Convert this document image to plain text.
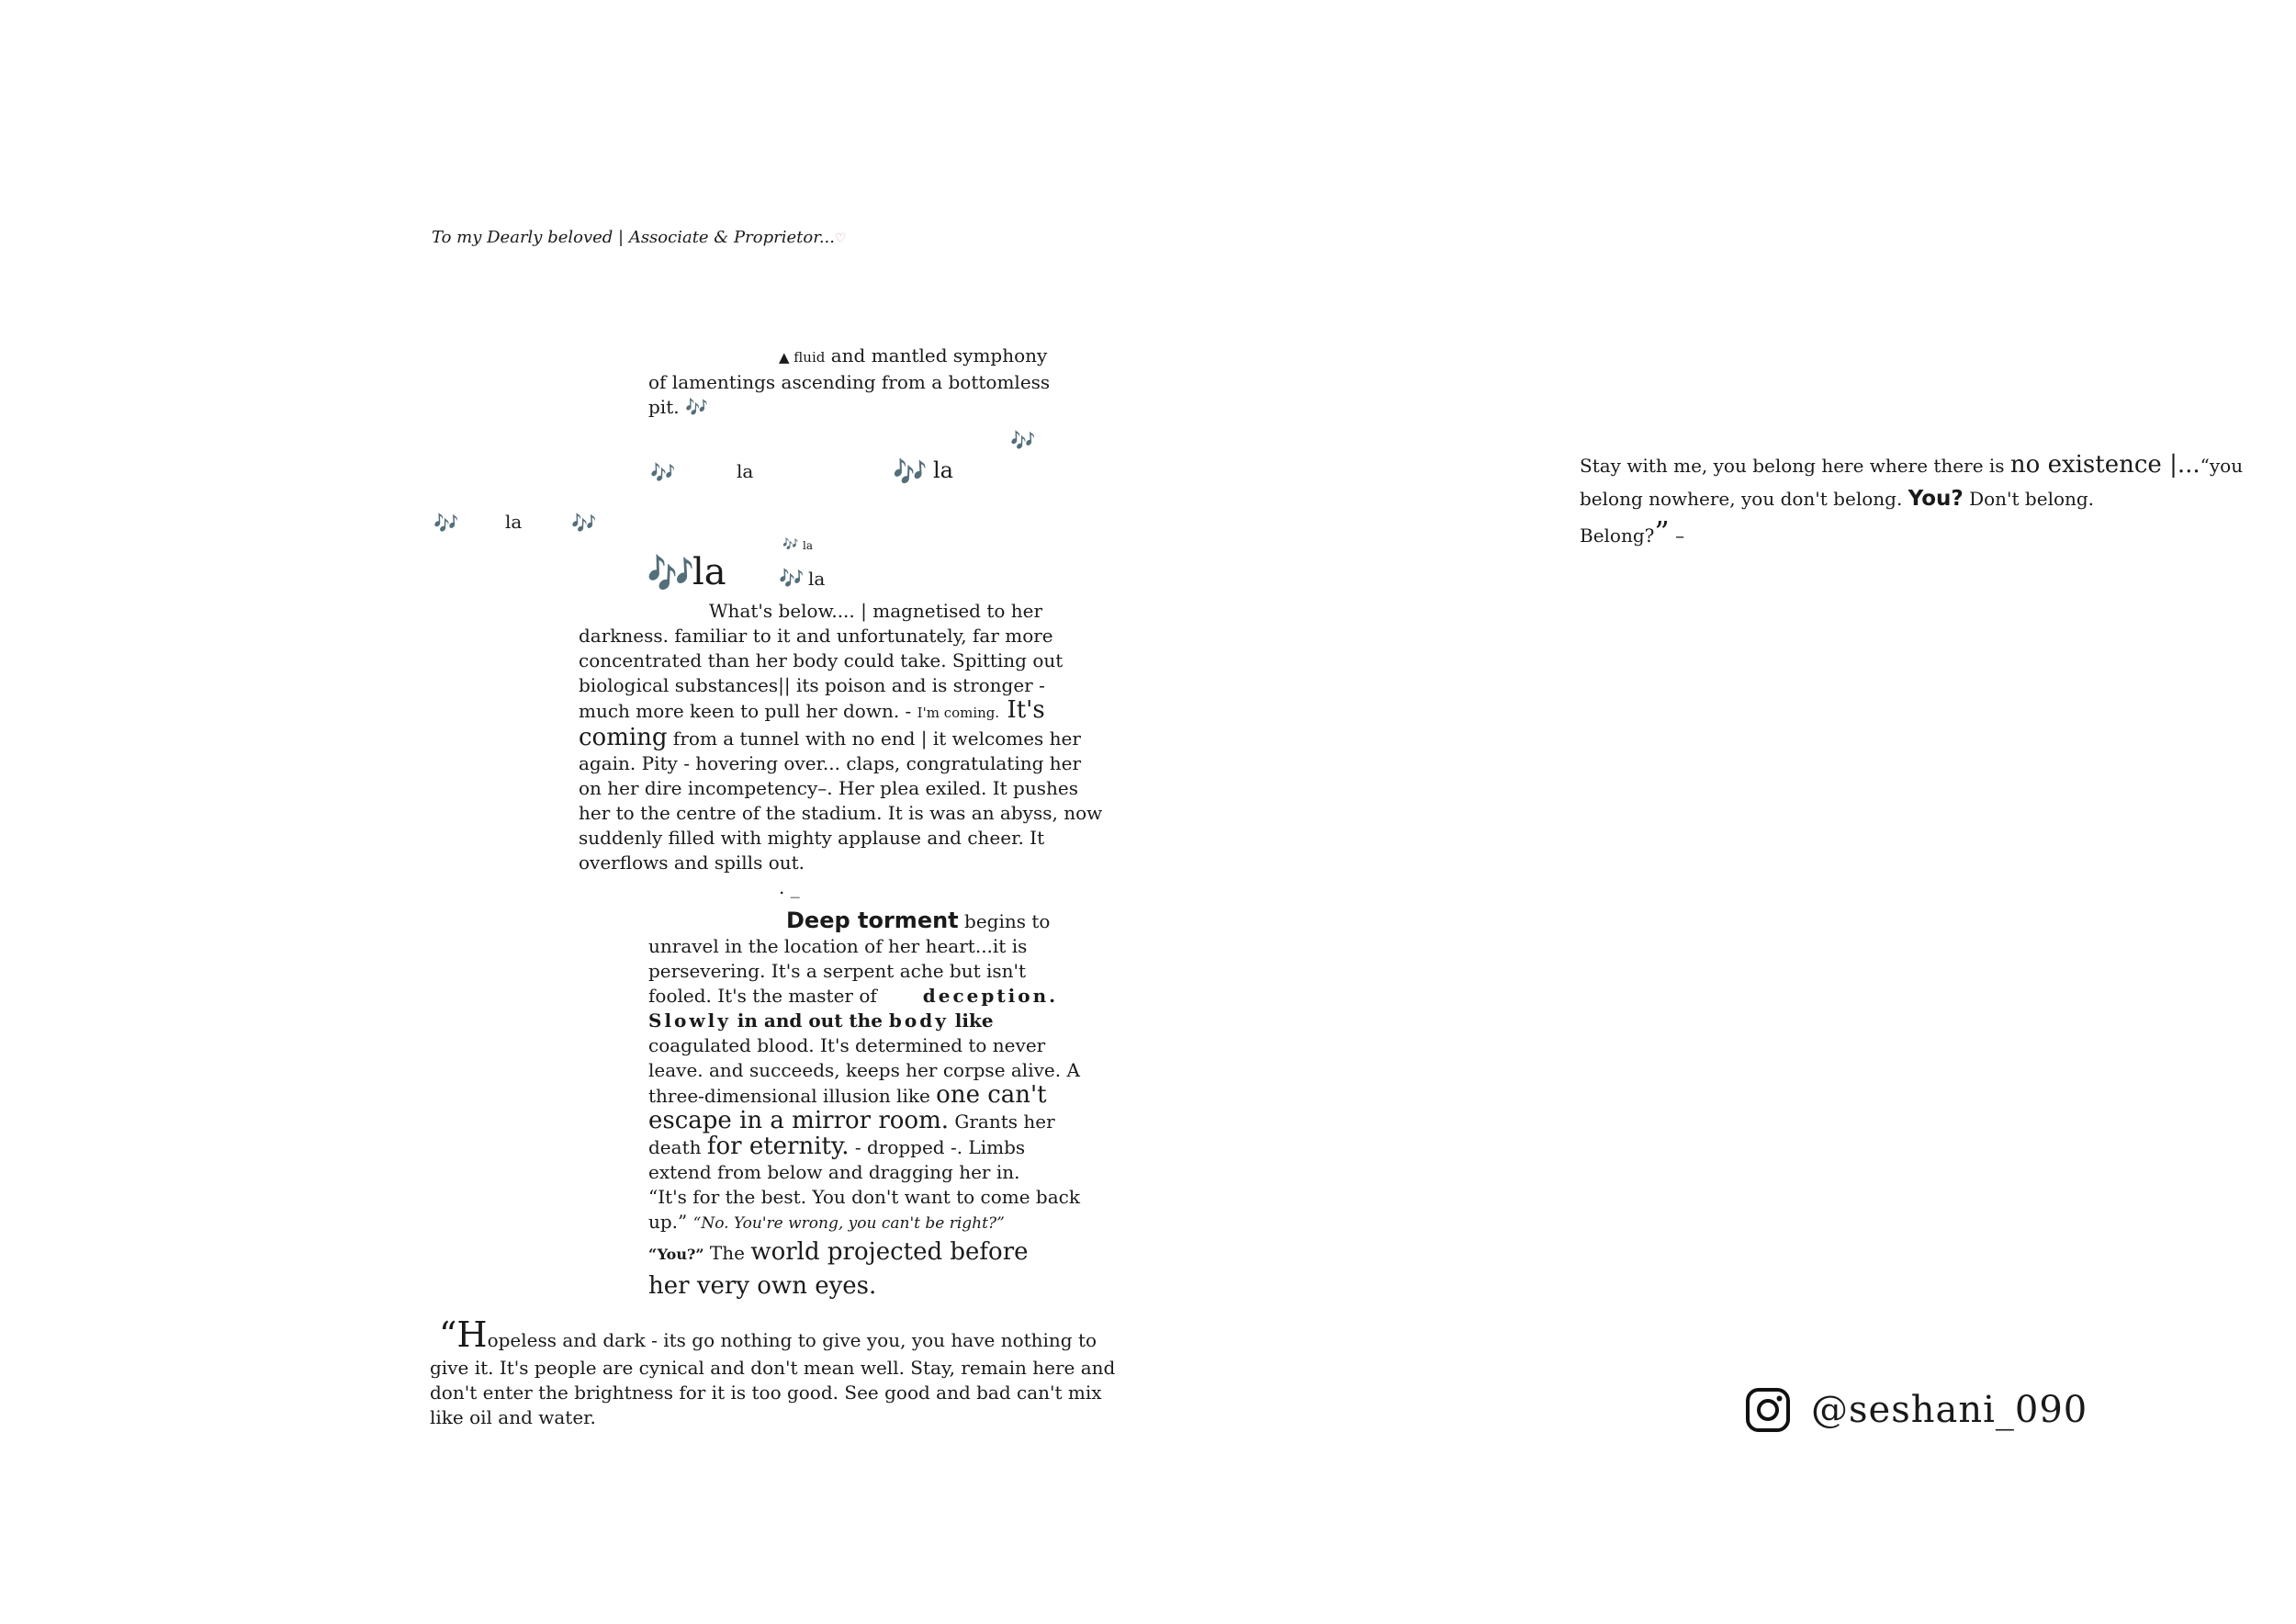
To my Dearly beloved | Associate & Proprietor...♡
▲ fluid and mantled symphony
of lamentings ascending from a bottomless
pit. 🎶
🎶
🎶	la	🎶 la
🎶	la 🎶
🎶 la
🎶
la	🎶 la
What's below.... | magnetised to her
darkness. familiar to it and unfortunately, far more
concentrated than her body could take. Spitting out
biological substances|| its poison and is stronger -
much more keen to pull her down. - I'm coming. It's
coming from a tunnel with no end | it welcomes her
again. Pity - hovering over... claps, congratulating her
on her dire incompetency–. Her plea exiled. It pushes
her to the centre of the stadium. It is was an abyss, now
suddenly filled with mighty applause and cheer. It
overflows and spills out.
. _
Deep torment begins to
unravel in the location of her heart...it is
persevering. It's a serpent ache but isn't
fooled. It's the master of	deception.
Slowly in and out the body like
coagulated blood. It's determined to never
leave. and succeeds, keeps her corpse alive. A
three-dimensional illusion like one can't
escape in a mirror room. Grants her
death for eternity. - dropped -. Limbs
extend from below and dragging her in.
“It's for the best. You don't want to come back
up.” “No. You're wrong, you can't be right?”
“You?” The world projected before
her very own eyes.
“Hopeless and dark - its go nothing to give you, you have nothing to
give it. It's people are cynical and don't mean well. Stay, remain here and
don't enter the brightness for it is too good. See good and bad can't mix
like oil and water.
Stay with me, you belong here where there is no existence |...“you
belong nowhere, you don't belong. You? Don't belong.
Belong?” –
@seshani_090
